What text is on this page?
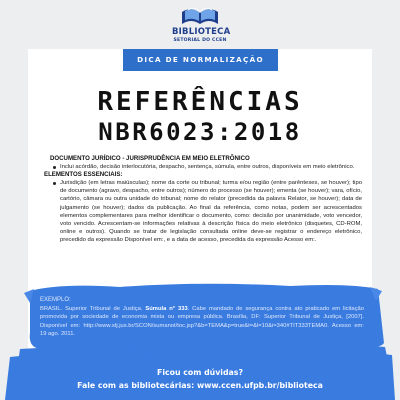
BIBLIOTECA
SETORIAL DO CCEN
DICA DE NORMALIZAÇÃO
REFERÊNCIAS
NBR6023:2018
DOCUMENTO JURÍDICO - JURISPRUDÊNCIA EM MEIO ELETRÔNICO
Inclui acórdão, decisão interlocutória, despacho, sentença, súmula, entre outros, disponíveis em meio eletrônico.
ELEMENTOS ESSENCIAIS:
Jurisdição (em letras maiúsculas); nome da corte ou tribunal; turma e/ou região (entre parênteses, se houver); tipo de documento (agravo, despacho, entre outros); número do processo (se houver); ementa (se houver); vara, ofício, cartório, câmara ou outra unidade do tribunal; nome do relator (precedida da palavra Relator, se houver); data de julgamento (se houver); dados da publicação. Ao final da referência, como notas, podem ser acrescentados elementos complementares para melhor identificar o documento, como: decisão por unanimidade, voto vencedor, voto vencido. Acrescentam-se informações relativas à descrição física do meio eletrônico (disquetes, CD-ROM, online e outros). Quando se tratar de legislação consultada online deve-se registrar o endereço eletrônico, precedido da expressão Disponível em:, e a data de acesso, precedida da expressão Acesso em:.
EXEMPLO:
BRASIL. Superior Tribunal de Justiça. Súmula n° 333. Cabe mandado de segurança contra ato praticado em licitação promovida por sociedade de economia mista ou empresa pública. Brasília, DF: Superior Tribunal de Justiça, [2007]. Disponível em: http://www.stj.jus.br/SCON/sumanot/toc.jsp?&b=TEMA&p=true&t=&l=10&i=340#TIT333TEMA0. Acesso em: 19 ago. 2011.
Ficou com dúvidas?
Fale com as bibliotecárias: www.ccen.ufpb.br/biblioteca
